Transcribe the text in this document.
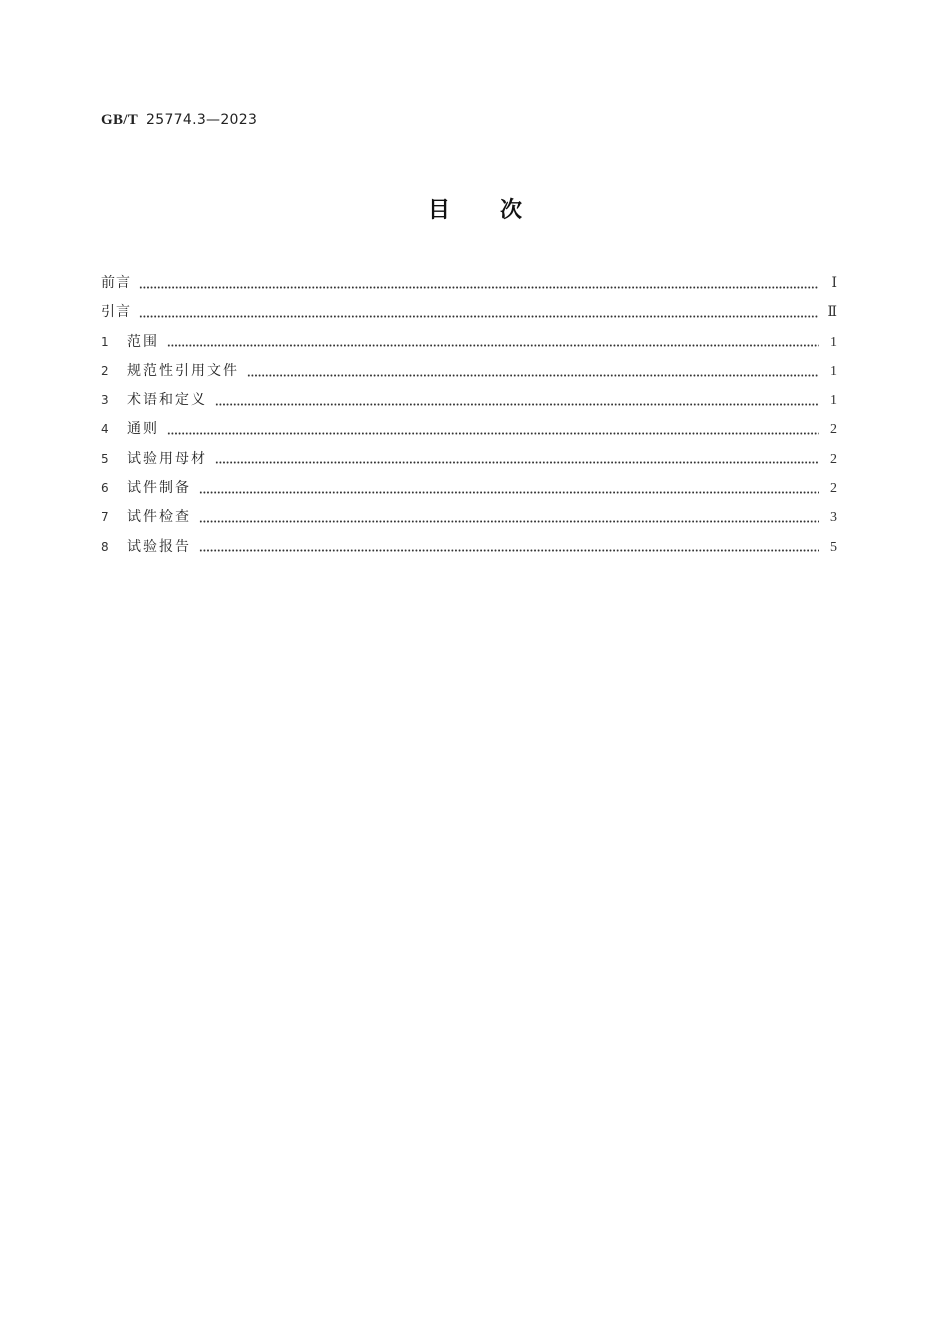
GB/T 25774.3—2023
目次
前言	Ⅰ
引言	Ⅱ
1	范围	1
2	规范性引用文件	1
3	术语和定义	1
4	通则	2
5	试验用母材	2
6	试件制备	2
7	试件检查	3
8	试验报告	5
